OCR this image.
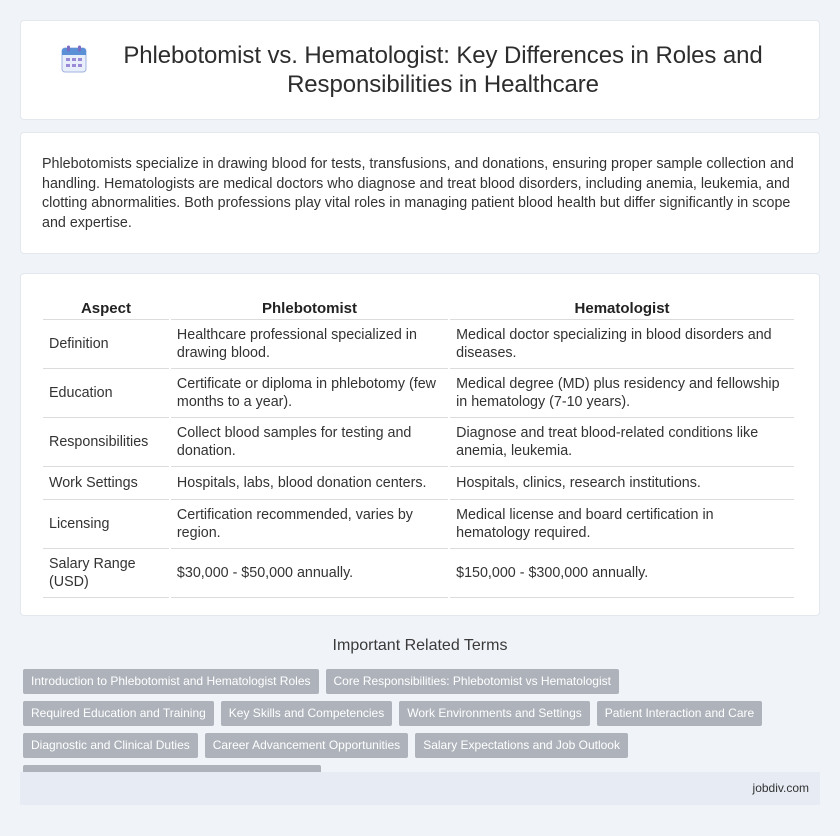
Phlebotomist vs. Hematologist: Key Differences in Roles and Responsibilities in Healthcare

Phlebotomists specialize in drawing blood for tests, transfusions, and donations, ensuring proper sample collection and handling. Hematologists are medical doctors who diagnose and treat blood disorders, including anemia, leukemia, and clotting abnormalities. Both professions play vital roles in managing patient blood health but differ significantly in scope and expertise.

Aspect	Phlebotomist	Hematologist
Definition	Healthcare professional specialized in drawing blood.	Medical doctor specializing in blood disorders and diseases.
Education	Certificate or diploma in phlebotomy (few months to a year).	Medical degree (MD) plus residency and fellowship in hematology (7-10 years).
Responsibilities	Collect blood samples for testing and donation.	Diagnose and treat blood-related conditions like anemia, leukemia.
Work Settings	Hospitals, labs, blood donation centers.	Hospitals, clinics, research institutions.
Licensing	Certification recommended, varies by region.	Medical license and board certification in hematology required.
Salary Range (USD)	$30,000 - $50,000 annually.	$150,000 - $300,000 annually.
Important Related Terms
Introduction to Phlebotomist and Hematologist Roles	Core Responsibilities: Phlebotomist vs Hematologist
Required Education and Training	Key Skills and Competencies	Work Environments and Settings	Patient Interaction and Care
Diagnostic and Clinical Duties	Career Advancement Opportunities	Salary Expectations and Job Outlook
jobdiv.com
